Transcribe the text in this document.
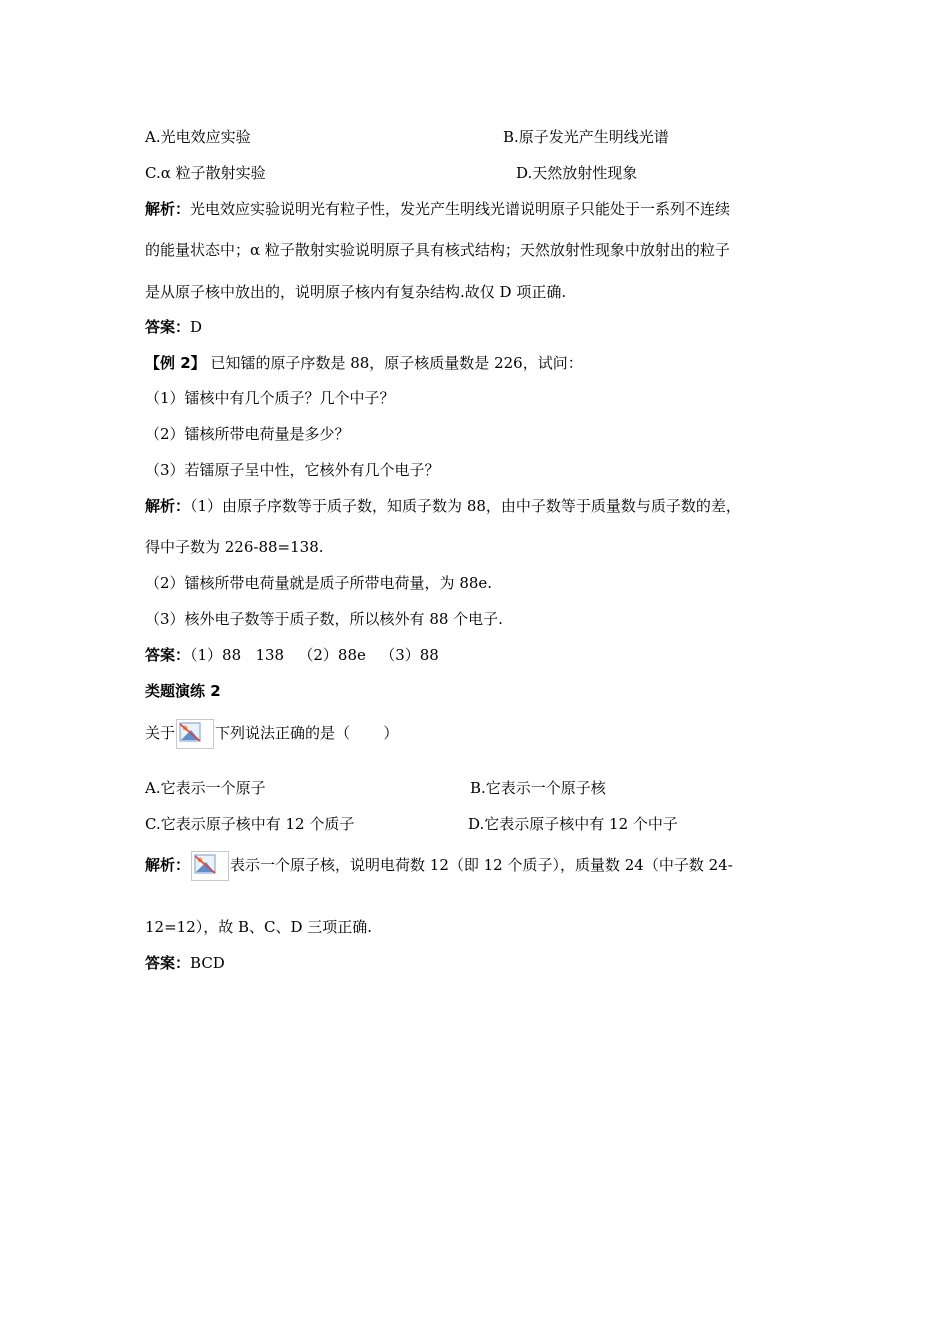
A.光电效应实验	B.原子发光产生明线光谱
C.α 粒子散射实验	D.天然放射性现象
解析：光电效应实验说明光有粒子性，发光产生明线光谱说明原子只能处于一系列不连续
的能量状态中；α 粒子散射实验说明原子具有核式结构；天然放射性现象中放射出的粒子
是从原子核中放出的，说明原子核内有复杂结构.故仅 D 项正确.
答案：D
【例 2】 已知镭的原子序数是 88，原子核质量数是 226，试问：
（1）镭核中有几个质子？几个中子？
（2）镭核所带电荷量是多少？
（3）若镭原子呈中性，它核外有几个电子？
解析：（1）由原子序数等于质子数，知质子数为 88，由中子数等于质量数与质子数的差，
得中子数为 226-88=138.
（2）镭核所带电荷量就是质子所带电荷量，为 88e.
（3）核外电子数等于质子数，所以核外有 88 个电子.
答案：（1）88   138   （2）88e   （3）88
类题演练 2
关于	下列说法正确的是（       ）
A.它表示一个原子	B.它表示一个原子核
C.它表示原子核中有 12 个质子	D.它表示原子核中有 12 个中子
解析：	表示一个原子核，说明电荷数 12（即 12 个质子），质量数 24（中子数 24-
12=12），故 B、C、D 三项正确.
答案：BCD
